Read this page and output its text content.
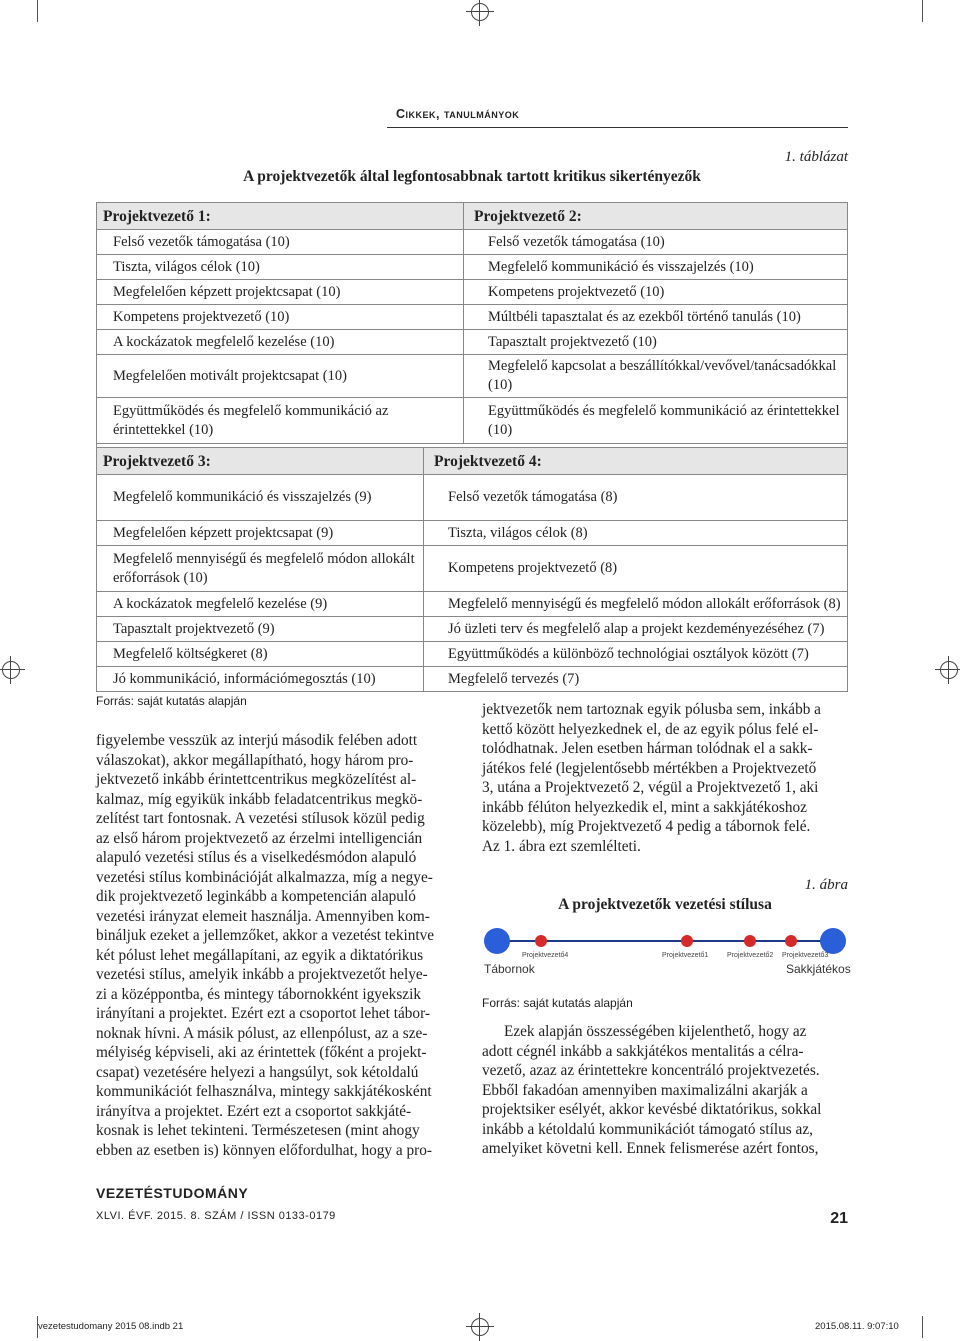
Cikkek, tanulmányok
1. táblázat
A projektvezetők által legfontosabbnak tartott kritikus sikertényezők
Projektvezető 1:	Projektvezető 2:
Felső vezetők támogatása (10)	Felső vezetők támogatása (10)
Tiszta, világos célok (10)	Megfelelő kommunikáció és visszajelzés (10)
Megfelelően képzett projektcsapat (10)	Kompetens projektvezető (10)
Kompetens projektvezető (10)	Múltbéli tapasztalat és az ezekből történő tanulás (10)
A kockázatok megfelelő kezelése (10)	Tapasztalt projektvezető (10)
Megfelelően motivált projektcsapat (10)	Megfelelő kapcsolat a beszállítókkal/vevővel/tanácsadókkal (10)
Együttműködés és megfelelő kommunikáció az érintettekkel (10)	Együttműködés és megfelelő kommunikáció az érintettekkel (10)
Projektvezető 3:	Projektvezető 4:
Megfelelő kommunikáció és visszajelzés (9)	Felső vezetők támogatása (8)
Megfelelően képzett projektcsapat (9)	Tiszta, világos célok (8)
Megfelelő mennyiségű és megfelelő módon allokált erőforrások (10)	Kompetens projektvezető (8)
A kockázatok megfelelő kezelése (9)	Megfelelő mennyiségű és megfelelő módon allokált erőforrások (8)
Tapasztalt projektvezető (9)	Jó üzleti terv és megfelelő alap a projekt kezdeményezéséhez (7)
Megfelelő költségkeret (8)	Együttműködés a különböző technológiai osztályok között (7)
Jó kommunikáció, információmegosztás (10)	Megfelelő tervezés (7)
Forrás: saját kutatás alapján

figyelembe vesszük az interjú második felében adott
válaszokat), akkor megállapítható, hogy három pro-
jektvezető inkább érintettcentrikus megközelítést al-
kalmaz, míg egyikük inkább feladatcentrikus megkö-
zelítést tart fontosnak. A vezetési stílusok közül pedig
az első három projektvezető az érzelmi intelligencián
alapuló vezetési stílus és a viselkedésmódon alapuló
vezetési stílus kombinációját alkalmazza, míg a negye-
dik projektvezető leginkább a kompetencián alapuló
vezetési irányzat elemeit használja. Amennyiben kom-
bináljuk ezeket a jellemzőket, akkor a vezetést tekintve
két pólust lehet megállapítani, az egyik a diktatórikus
vezetési stílus, amelyik inkább a projektvezetőt helye-
zi a középpontba, és mintegy tábornokként igyekszik
irányítani a projektet. Ezért ezt a csoportot lehet tábor-
noknak hívni. A másik pólust, az ellenpólust, az a sze-
mélyiség képviseli, aki az érintettek (főként a projekt-
csapat) vezetésére helyezi a hangsúlyt, sok kétoldalú
kommunikációt felhasználva, mintegy sakkjátékosként
irányítva a projektet. Ezért ezt a csoportot sakkjáté-
kosnak is lehet tekinteni. Természetesen (mint ahogy
ebben az esetben is) könnyen előfordulhat, hogy a pro-

jektvezetők nem tartoznak egyik pólusba sem, inkább a
kettő között helyezkednek el, de az egyik pólus felé el-
tolódhatnak. Jelen esetben hárman tolódnak el a sakk-
játékos felé (legjelentősebb mértékben a Projektvezető
3, utána a Projektvezető 2, végül a Projektvezető 1, aki
inkább félúton helyezkedik el, mint a sakkjátékoshoz
közelebb), míg Projektvezető 4 pedig a tábornok felé.
Az 1. ábra ezt szemlélteti.

1. ábra
A projektvezetők vezetési stílusa
Projektvezető4	Projektvezető1	Projektvezető2 Projektvezető3
Tábornok	Sakkjátékos
Forrás: saját kutatás alapján

Ezek alapján összességében kijelenthető, hogy az
adott cégnél inkább a sakkjátékos mentalitás a célra-
vezető, azaz az érintettekre koncentráló projektvezetés.
Ebből fakadóan amennyiben maximalizálni akarják a
projektsiker esélyét, akkor kevésbé diktatórikus, sokkal
inkább a kétoldalú kommunikációt támogató stílus az,
amelyiket követni kell. Ennek felismerése azért fontos,

VEZETÉSTUDOMÁNY
XLVI. ÉVF. 2015. 8. SZÁM / ISSN 0133-0179	21
vezetestudomany 2015 08.indb 21	2015.08.11. 9:07:10
